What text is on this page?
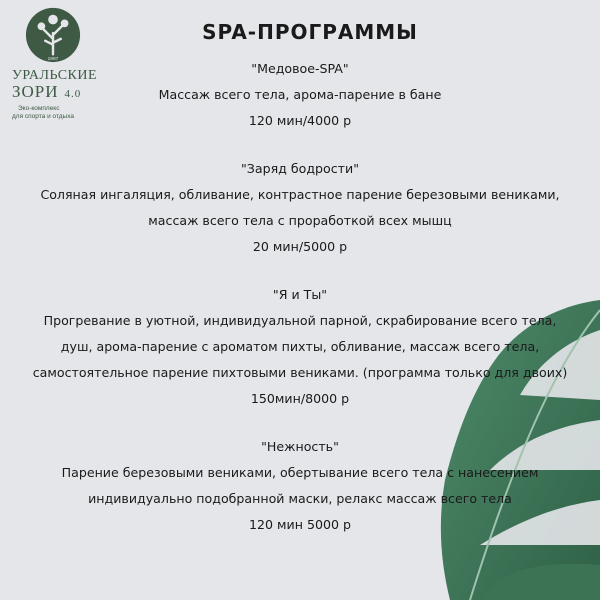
1997
УРАЛЬСКИЕ
ЗОРИ 4.0
Эко-комплекс
для спорта и отдыха
SPA-ПРОГРАММЫ
"Медовое-SPA"
Массаж всего тела, арома-парение в бане
120 мин/4000 р
"Заряд бодрости"
Соляная ингаляция, обливание, контрастное парение березовыми вениками,
массаж всего тела с проработкой всех мышц
20 мин/5000 р
"Я и Ты"
Прогревание в уютной, индивидуальной парной, скрабирование всего тела,
душ, арома-парение с ароматом пихты, обливание, массаж всего тела,
самостоятельное парение пихтовыми вениками. (программа только для двоих)
150мин/8000 р
"Нежность"
Парение березовыми вениками, обертывание всего тела с нанесением
индивидуально подобранной маски, релакс массаж всего тела
120 мин 5000 р
